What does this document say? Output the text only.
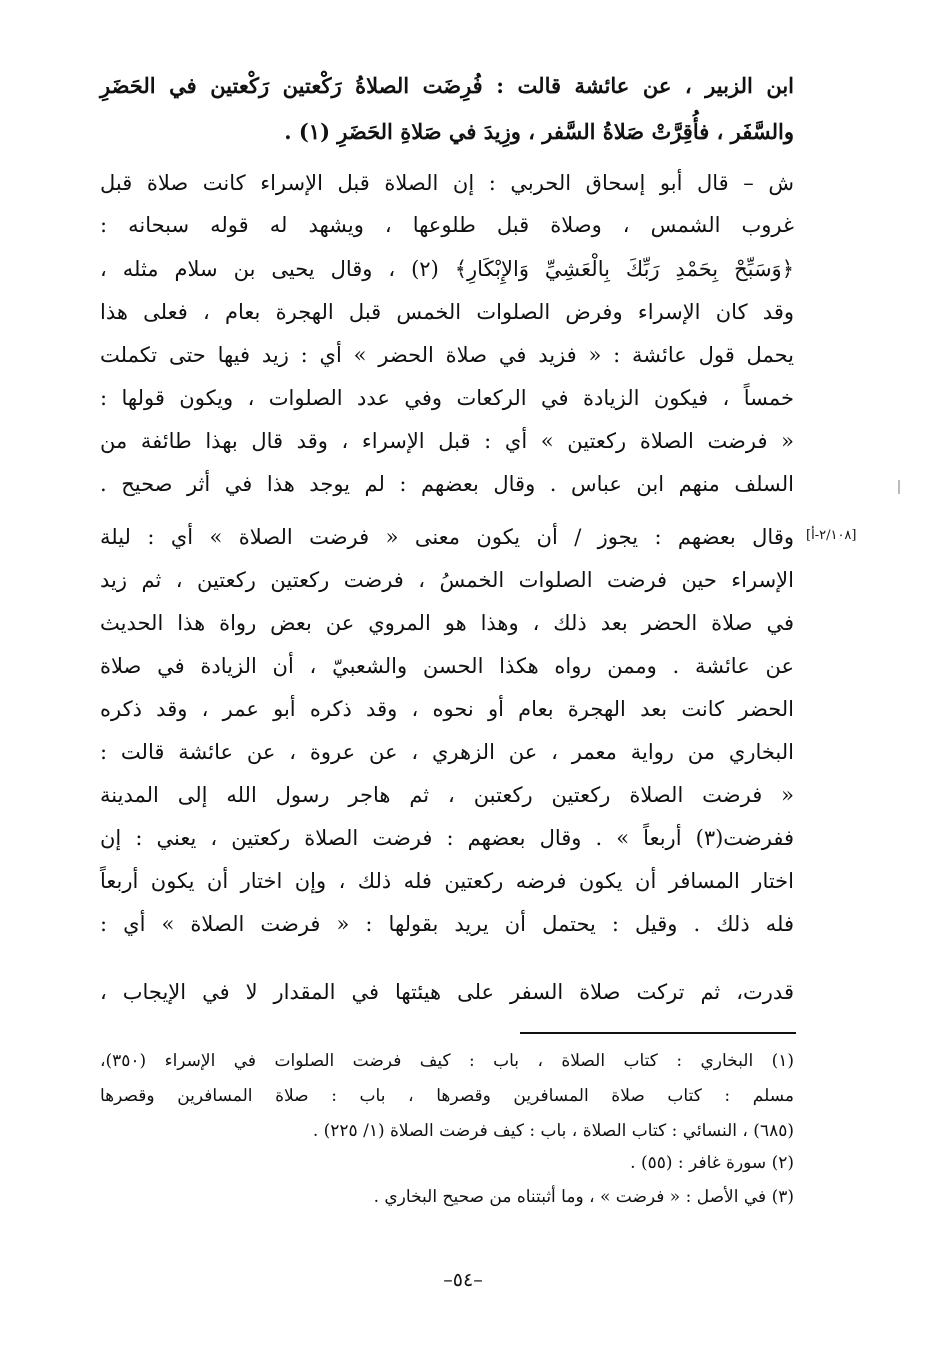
ابن الزبير ، عن عائشة قالت : فُرِضَت الصلاةُ رَكْعتين رَكْعتين في الحَضَرِ
والسَّفَر ، فأُقِرَّتْ صَلاةُ السَّفر ، وزِيدَ في صَلاةِ الحَضَرِ (١) .
ش – قال أبو إسحاق الحربي : إن الصلاة قبل الإسراء كانت صلاة قبل
غروب الشمس ، وصلاة قبل طلوعها ، ويشهد له قوله سبحانه :
﴿وَسَبِّحْ بِحَمْدِ رَبِّكَ بِالْعَشِيِّ وَالإِبْكَارِ﴾ (٢) ، وقال يحيى بن سلام مثله ،
وقد كان الإسراء وفرض الصلوات الخمس قبل الهجرة بعام ، فعلى هذا
يحمل قول عائشة : « فزيد في صلاة الحضر » أي : زيد فيها حتى تكملت
خمساً ، فيكون الزيادة في الركعات وفي عدد الصلوات ، ويكون قولها :
« فرضت الصلاة ركعتين » أي : قبل الإسراء ، وقد قال بهذا طائفة من
السلف منهم ابن عباس . وقال بعضهم : لم يوجد هذا في أثر صحيح .
وقال بعضهم : يجوز / أن يكون معنى « فرضت الصلاة » أي : ليلة
الإسراء حين فرضت الصلوات الخمسُ ، فرضت ركعتين ركعتين ، ثم زيد
في صلاة الحضر بعد ذلك ، وهذا هو المروي عن بعض رواة هذا الحديث
عن عائشة . وممن رواه هكذا الحسن والشعبيّ ، أن الزيادة في صلاة
الحضر كانت بعد الهجرة بعام أو نحوه ، وقد ذكره أبو عمر ، وقد ذكره
البخاري من رواية معمر ، عن الزهري ، عن عروة ، عن عائشة قالت :
« فرضت الصلاة ركعتين ركعتبن ، ثم هاجر رسول الله إلى المدينة
ففرضت(٣) أربعاً » . وقال بعضهم : فرضت الصلاة ركعتين ، يعني : إن
اختار المسافر أن يكون فرضه ركعتين فله ذلك ، وإن اختار أن يكون أربعاً
فله ذلك . وقيل : يحتمل أن يريد بقولها : « فرضت الصلاة » أي :
قدرت، ثم تركت صلاة السفر على هيئتها في المقدار لا في الإيجاب ،
[٢/١٠٨-أ]
(١) البخاري : كتاب الصلاة ، باب : كيف فرضت الصلوات في الإسراء (٣٥٠)،
مسلم : كتاب صلاة المسافرين وقصرها ، باب : صلاة المسافرين وقصرها
(٦٨٥) ، النسائي : كتاب الصلاة ، باب : كيف فرضت الصلاة (١/ ٢٢٥) .
(٢) سورة غافر : (٥٥) .
(٣) في الأصل : « فرضت » ، وما أثبتناه من صحيح البخاري .
–٥٤–
